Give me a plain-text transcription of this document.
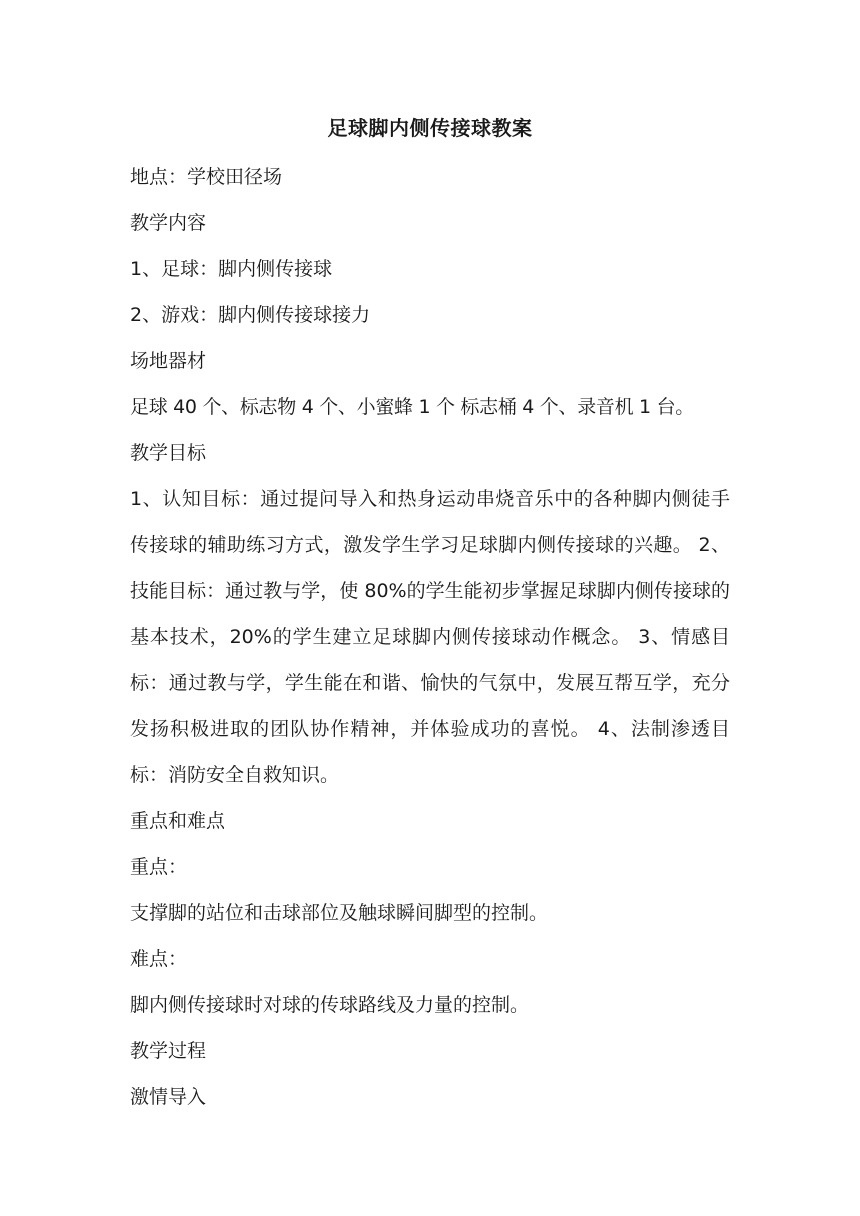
足球脚内侧传接球教案

地点：学校田径场

教学内容

1、足球：脚内侧传接球

2、游戏：脚内侧传接球接力

场地器材

足球 40 个、标志物 4 个、小蜜蜂 1 个 标志桶 4 个、录音机 1 台。

教学目标

1、认知目标：通过提问导入和热身运动串烧音乐中的各种脚内侧徒手传接球的辅助练习方式，激发学生学习足球脚内侧传接球的兴趣。 2、技能目标：通过教与学，使 80%的学生能初步掌握足球脚内侧传接球的基本技术，20%的学生建立足球脚内侧传接球动作概念。 3、情感目标：通过教与学，学生能在和谐、愉快的气氛中，发展互帮互学，充分发扬积极进取的团队协作精神，并体验成功的喜悦。 4、法制渗透目标：消防安全自救知识。

重点和难点

重点：

支撑脚的站位和击球部位及触球瞬间脚型的控制。

难点：

脚内侧传接球时对球的传球路线及力量的控制。

教学过程

激情导入
